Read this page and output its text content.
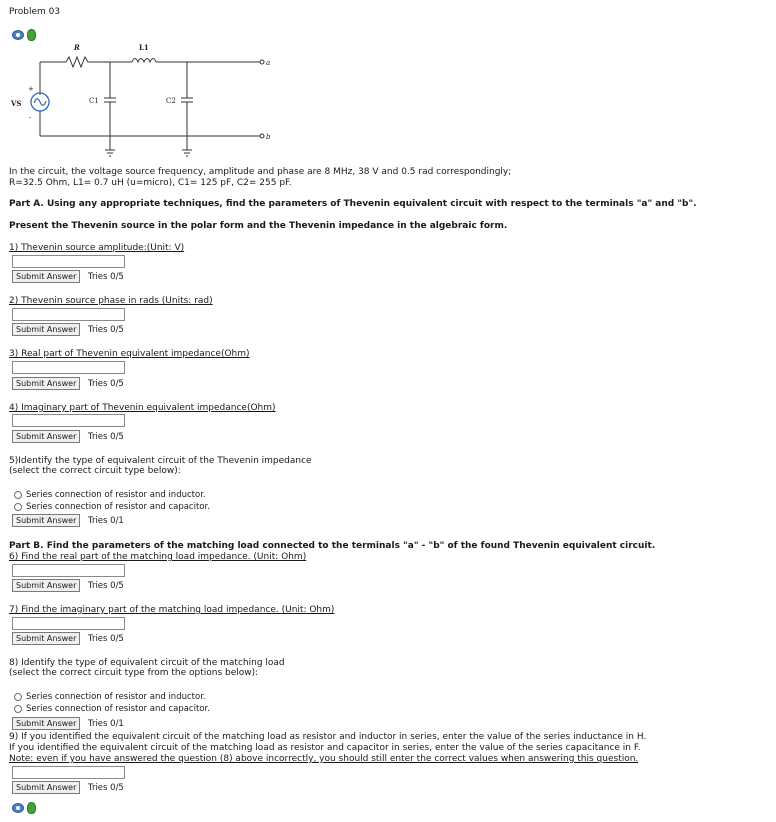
Problem 03
R	L1
VS
+
-
C1	C2
a
b
In the circuit, the voltage source frequency, amplitude and phase are 8 MHz, 38 V and 0.5 rad correspondingly;
R=32.5 Ohm, L1= 0.7 uH (u=micro), C1= 125 pF, C2= 255 pF.
Part A. Using any appropriate techniques, find the parameters of Thevenin equivalent circuit with respect to the terminals "a" and "b".
Present the Thevenin source in the polar form and the Thevenin impedance in the algebraic form.
1) Thevenin source amplitude:(Unit: V)
Submit Answer	Tries 0/5
2) Thevenin source phase in rads (Units: rad)
Submit Answer	Tries 0/5
3) Real part of Thevenin equivalent impedance(Ohm)
Submit Answer	Tries 0/5
4) Imaginary part of Thevenin equivalent impedance(Ohm)
Submit Answer	Tries 0/5
5)Identify the type of equivalent circuit of the Thevenin impedance
(select the correct circuit type below):
Series connection of resistor and inductor.
Series connection of resistor and capacitor.
Submit Answer	Tries 0/1
Part B. Find the parameters of the matching load connected to the terminals "a" - "b" of the found Thevenin equivalent circuit.
6) Find the real part of the matching load impedance. (Unit: Ohm)
Submit Answer	Tries 0/5
7) Find the imaginary part of the matching load impedance. (Unit: Ohm)
Submit Answer	Tries 0/5
8) Identify the type of equivalent circuit of the matching load
(select the correct circuit type from the options below):
Series connection of resistor and inductor.
Series connection of resistor and capacitor.
Submit Answer	Tries 0/1
9) If you identified the equivalent circuit of the matching load as resistor and inductor in series, enter the value of the series inductance in H.
If you identified the equivalent circuit of the matching load as resistor and capacitor in series, enter the value of the series capacitance in F.
Note: even if you have answered the question (8) above incorrectly, you should still enter the correct values when answering this question.
Submit Answer	Tries 0/5
